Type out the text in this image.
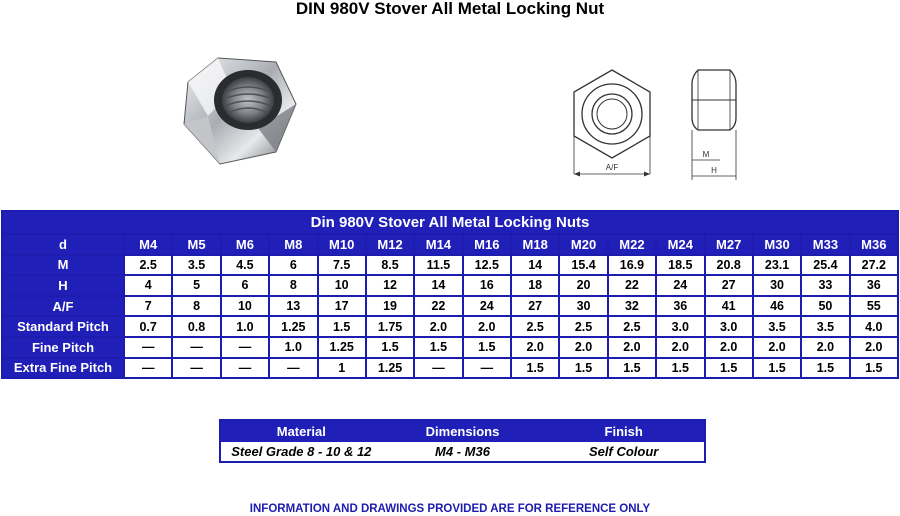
DIN 980V Stover All Metal Locking Nut
A/F
M
H
Din 980V Stover All Metal Locking Nuts																
d	M4	M5	M6	M8	M10	M12	M14	M16	M18	M20	M22	M24	M27	M30	M33	M36
M	2.5	3.5	4.5	6	7.5	8.5	11.5	12.5	14	15.4	16.9	18.5	20.8	23.1	25.4	27.2
H	4	5	6	8	10	12	14	16	18	20	22	24	27	30	33	36
A/F	7	8	10	13	17	19	22	24	27	30	32	36	41	46	50	55
Standard Pitch	0.7	0.8	1.0	1.25	1.5	1.75	2.0	2.0	2.5	2.5	2.5	3.0	3.0	3.5	3.5	4.0
Fine Pitch	—	—	—	1.0	1.25	1.5	1.5	1.5	2.0	2.0	2.0	2.0	2.0	2.0	2.0	2.0
Extra Fine Pitch	—	—	—	—	1	1.25	—	—	1.5	1.5	1.5	1.5	1.5	1.5	1.5	1.5
Material	Dimensions	Finish
Steel Grade 8 - 10 & 12	M4 - M36	Self Colour
INFORMATION AND DRAWINGS PROVIDED ARE FOR REFERENCE ONLY
